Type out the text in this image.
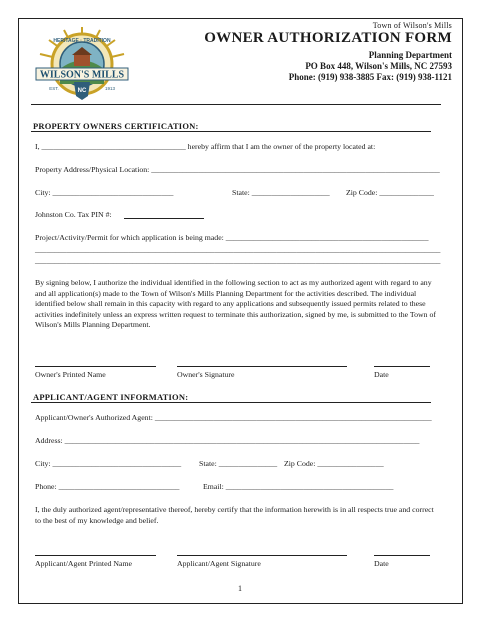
HERITAGE · TRADITION
WILSON'S MILLS
EST.	1913
NC
Town of Wilson's Mills
OWNER AUTHORIZATION FORM
Planning Department
PO Box 448, Wilson's Mills, NC 27593
Phone: (919) 938-3885 Fax: (919) 938-1121
PROPERTY OWNERS CERTIFICATION:
I, _____________________________________ hereby affirm that I am the owner of the property located at:
Property Address/Physical Location: __________________________________________________________________________
City: _______________________________	State: ____________________ Zip Code: ______________
Johnston Co. Tax PIN #:
Project/Activity/Permit for which application is being made: ____________________________________________________
________________________________________________________________________________________________________
________________________________________________________________________________________________________
By signing below, I authorize the individual identified in the following section to act as my authorized agent with regard to any and all application(s) made to the Town of Wilson's Mills Planning Department for the activities described. The individual identified below shall remain in this capacity with regard to any applications and subsequently issued permits related to these activities indefinitely unless an express written request to terminate this authorization, signed by me, is submitted to the Town of Wilson's Mills Planning Department.
Owner's Printed Name	Owner's Signature	Date
APPLICANT/AGENT INFORMATION:
Applicant/Owner's Authorized Agent: _______________________________________________________________________
Address: ___________________________________________________________________________________________
City: _________________________________ State: _______________ Zip Code: _________________
Phone: _______________________________	Email: ___________________________________________
I, the duly authorized agent/representative thereof, hereby certify that the information herewith is in all respects true and correct to the best of my knowledge and belief.
Applicant/Agent Printed Name	Applicant/Agent Signature	Date
1
